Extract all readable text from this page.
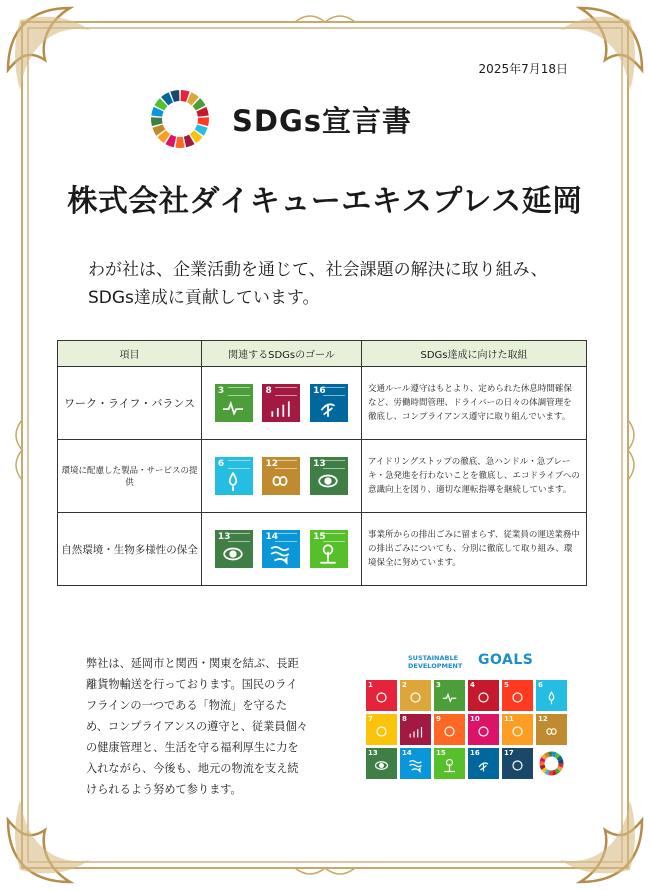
2025年7月18日
SDGs宣言書
株式会社ダイキューエキスプレス延岡
わが社は、企業活動を通じて、社会課題の解決に取り組み、
SDGs達成に貢献しています。
項目	関連するSDGsのゴール	SDGs達成に向けた取組
ワーク・ライフ・バランス	3 8 16	交通ルール遵守はもとより、定められた休息時間確保など、労働時間管理、ドライバーの日々の体調管理を徹底し、コンプライアンス遵守に取り組んでいます。
環境に配慮した製品・サービスの提供	6 12 13	アイドリングストップの徹底、急ハンドル・急ブレーキ・急発進を行わないことを徹底し、エコドライブへの意識向上を図り、適切な運転指導を継続しています。
自然環境・生物多様性の保全	13 14 15	事業所からの排出ごみに留まらず、従業員の運送業務中の排出ごみについても、分別に徹底して取り組み、環境保全に努めています。
弊社は、延岡市と関西・関東を結ぶ、長距離貨物輸送を行っております。国民のライフラインの一つである「物流」を守るため、コンプライアンスの遵守と、従業員個々の健康管理と、生活を守る福利厚生に力を入れながら、今後も、地元の物流を支え続けられるよう努めて参ります。
SUSTAINABLE
DEVELOPMENT GOALS
1	2	3	4	5	6
7	8	9	10	11	12
13	14	15	16	17
